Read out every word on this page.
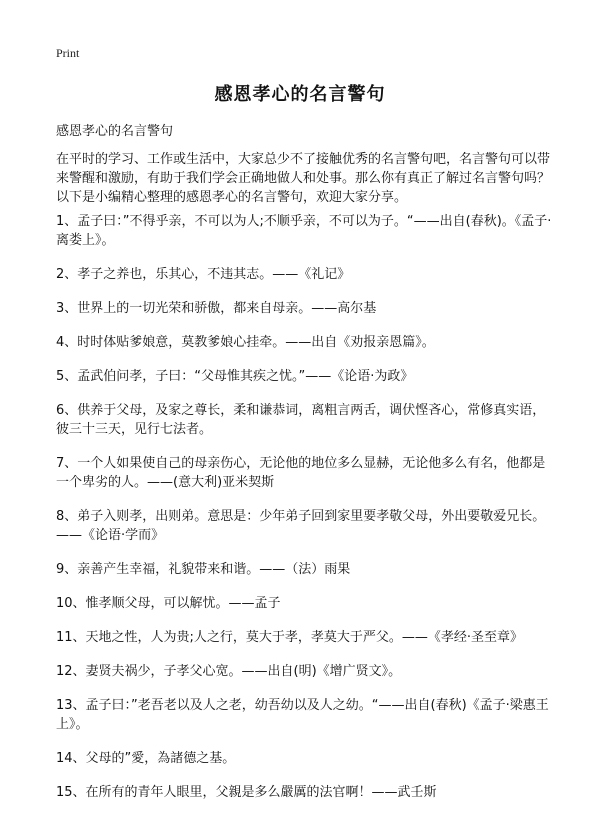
Print
感恩孝心的名言警句

感恩孝心的名言警句

在平时的学习、工作或生活中，大家总少不了接触优秀的名言警句吧，名言警句可以带来警醒和激励，有助于我们学会正确地做人和处事。那么你有真正了解过名言警句吗？以下是小编精心整理的感恩孝心的名言警句，欢迎大家分享。

1、孟子曰：”不得乎亲，不可以为人;不顺乎亲，不可以为子。“——出自(春秋)。《孟子·离娄上》。
2、孝子之养也，乐其心，不违其志。——《礼记》
3、世界上的一切光荣和骄傲，都来自母亲。——高尔基
4、时时体贴爹娘意，莫教爹娘心挂牵。——出自《劝报亲恩篇》。
5、孟武伯问孝，子曰：“父母惟其疾之忧。”——《论语·为政》
6、供养于父母，及家之尊长，柔和谦恭词，离粗言两舌，调伏悭吝心，常修真实语，彼三十三天，见行七法者。
7、一个人如果使自己的母亲伤心，无论他的地位多么显赫，无论他多么有名，他都是一个卑劣的人。——(意大利)亚米契斯
8、弟子入则孝，出则弟。意思是：少年弟子回到家里要孝敬父母，外出要敬爱兄长。——《论语·学而》
9、亲善产生幸福，礼貌带来和谐。——（法）雨果
10、惟孝顺父母，可以解忧。——孟子
11、天地之性，人为贵;人之行，莫大于孝，孝莫大于严父。——《孝经·圣至章》
12、妻贤夫祸少，子孝父心宽。——出自(明)《增广贤文》。
13、孟子曰：”老吾老以及人之老，幼吾幼以及人之幼。“——出自(春秋)《孟子·梁惠王上》。
14、父母的”愛，為諸德之基。
15、在所有的青年人眼里，父親是多么嚴厲的法官啊！——武壬斯
